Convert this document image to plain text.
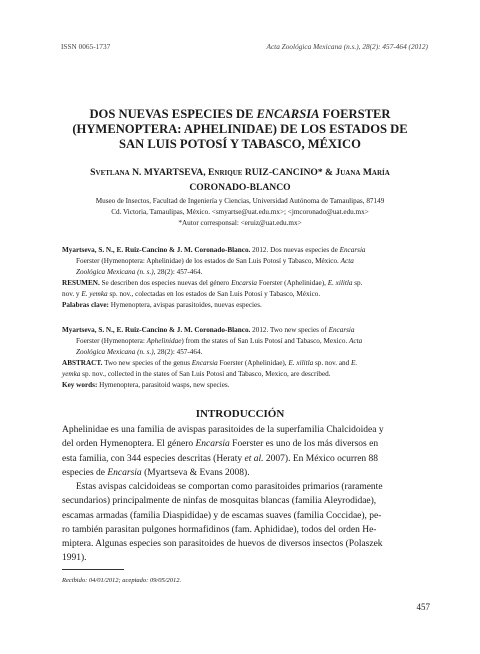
ISSN 0065-1737	Acta Zoológica Mexicana (n.s.), 28(2): 457-464 (2012)
DOS NUEVAS ESPECIES DE ENCARSIA FOERSTER
(HYMENOPTERA: APHELINIDAE) DE LOS ESTADOS DE
SAN LUIS POTOSÍ Y TABASCO, MÉXICO
Svetlana N. MYARTSEVA, Enrique RUIZ-CANCINO* & Juana María
CORONADO-BLANCO
Museo de Insectos, Facultad de Ingeniería y Ciencias, Universidad Autónoma de Tamaulipas, 87149
Cd. Victoria, Tamaulipas, México. <smyartse@uat.edu.mx>; <jmcoronado@uat.edu.mx>
*Autor corresponsal: <eruiz@uat.edu.mx>
Myartseva, S. N., E. Ruiz-Cancino & J. M. Coronado-Blanco. 2012. Dos nuevas especies de Encarsia
Foerster (Hymenoptera: Aphelinidae) de los estados de San Luis Potosí y Tabasco, México. Acta
Zoológica Mexicana (n. s.), 28(2): 457-464.
RESUMEN. Se describen dos especies nuevas del género Encarsia Foerster (Aphelinidae), E. xilitla sp.
nov. y E. yemka sp. nov., colectadas en los estados de San Luis Potosí y Tabasco, México.
Palabras clave: Hymenoptera, avispas parasitoides, nuevas especies.
Myartseva, S. N., E. Ruiz-Cancino & J. M. Coronado-Blanco. 2012. Two new species of Encarsia
Foerster (Hymenoptera: Aphelinidae) from the states of San Luis Potosí and Tabasco, Mexico. Acta
Zoológica Mexicana (n. s.), 28(2): 457-464.
ABSTRACT. Two new species of the genus Encarsia Foerster (Aphelinidae), E. xilitla sp. nov. and E.
yemka sp. nov., collected in the states of San Luis Potosí and Tabasco, Mexico, are described.
Key words: Hymenoptera, parasitoid wasps, new species.
INTRODUCCIÓN
Aphelinidae es una familia de avispas parasitoides de la superfamilia Chalcidoidea y
del orden Hymenoptera. El género Encarsia Foerster es uno de los más diversos en
esta familia, con 344 especies descritas (Heraty et al. 2007). En México ocurren 88
especies de Encarsia (Myartseva & Evans 2008).
Estas avispas calcidoideas se comportan como parasitoides primarios (raramente
secundarios) principalmente de ninfas de mosquitas blancas (familia Aleyrodidae),
escamas armadas (familia Diaspididae) y de escamas suaves (familia Coccidae), pe-
ro también parasitan pulgones hormafidinos (fam. Aphididae), todos del orden He-
miptera. Algunas especies son parasitoides de huevos de diversos insectos (Polaszek
1991).
Recibido: 04/01/2012; aceptado: 09/05/2012.
457
